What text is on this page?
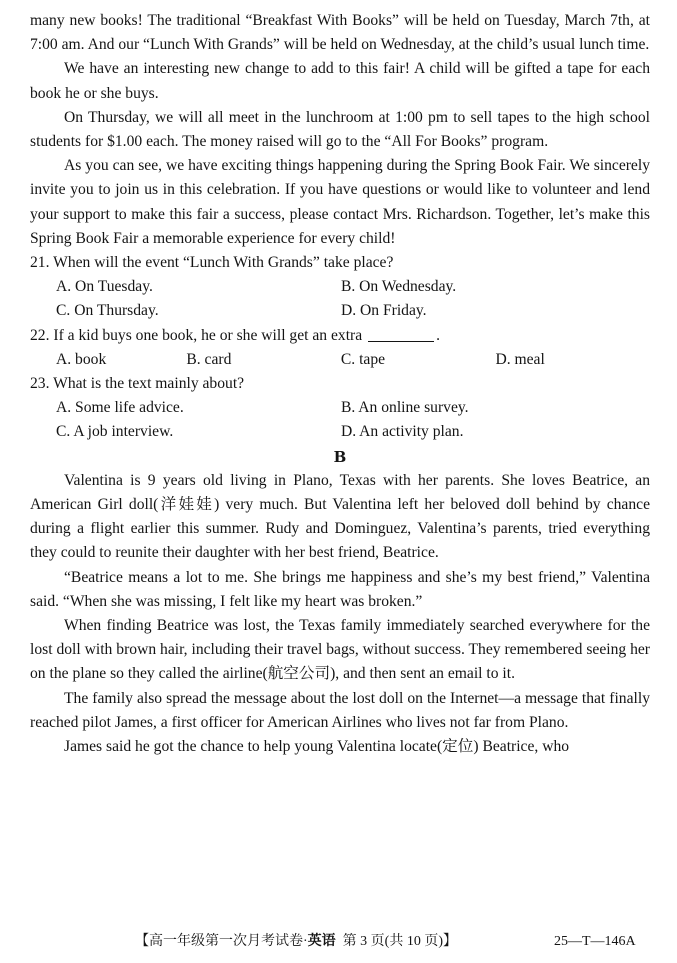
many new books! The traditional “Breakfast With Books” will be held on Tuesday, March 7th, at 7:00 am. And our “Lunch With Grands” will be held on Wednesday, at the child’s usual lunch time.

We have an interesting new change to add to this fair! A child will be gifted a tape for each book he or she buys.

On Thursday, we will all meet in the lunchroom at 1:00 pm to sell tapes to the high school students for $1.00 each. The money raised will go to the “All For Books” program.

As you can see, we have exciting things happening during the Spring Book Fair. We sincerely invite you to join us in this celebration. If you have questions or would like to volunteer and lend your support to make this fair a success, please contact Mrs. Richardson. Together, let’s make this Spring Book Fair a memorable experience for every child!

21. When will the event “Lunch With Grands” take place?

A. On Tuesday.	B. On Wednesday.
C. On Thursday.	D. On Friday.

22. If a kid buys one book, he or she will get an extra	.

A. book	B. card	C. tape	D. meal

23. What is the text mainly about?

A. Some life advice.	B. An online survey.
C. A job interview.	D. An activity plan.

B

Valentina is 9 years old living in Plano, Texas with her parents. She loves Beatrice, an American Girl doll(洋娃娃) very much. But Valentina left her beloved doll behind by chance during a flight earlier this summer. Rudy and Dominguez, Valentina’s parents, tried everything they could to reunite their daughter with her best friend, Beatrice.

“Beatrice means a lot to me. She brings me happiness and she’s my best friend,” Valentina said. “When she was missing, I felt like my heart was broken.”

When finding Beatrice was lost, the Texas family immediately searched everywhere for the lost doll with brown hair, including their travel bags, without success. They remembered seeing her on the plane so they called the airline(航空公司), and then sent an email to it.

The family also spread the message about the lost doll on the Internet—a message that finally reached pilot James, a first officer for American Airlines who lives not far from Plano.

James said he got the chance to help young Valentina locate(定位) Beatrice, who

【高一年级第一次月考试卷·英语 第 3 页(共 10 页)】	25—T—146A
